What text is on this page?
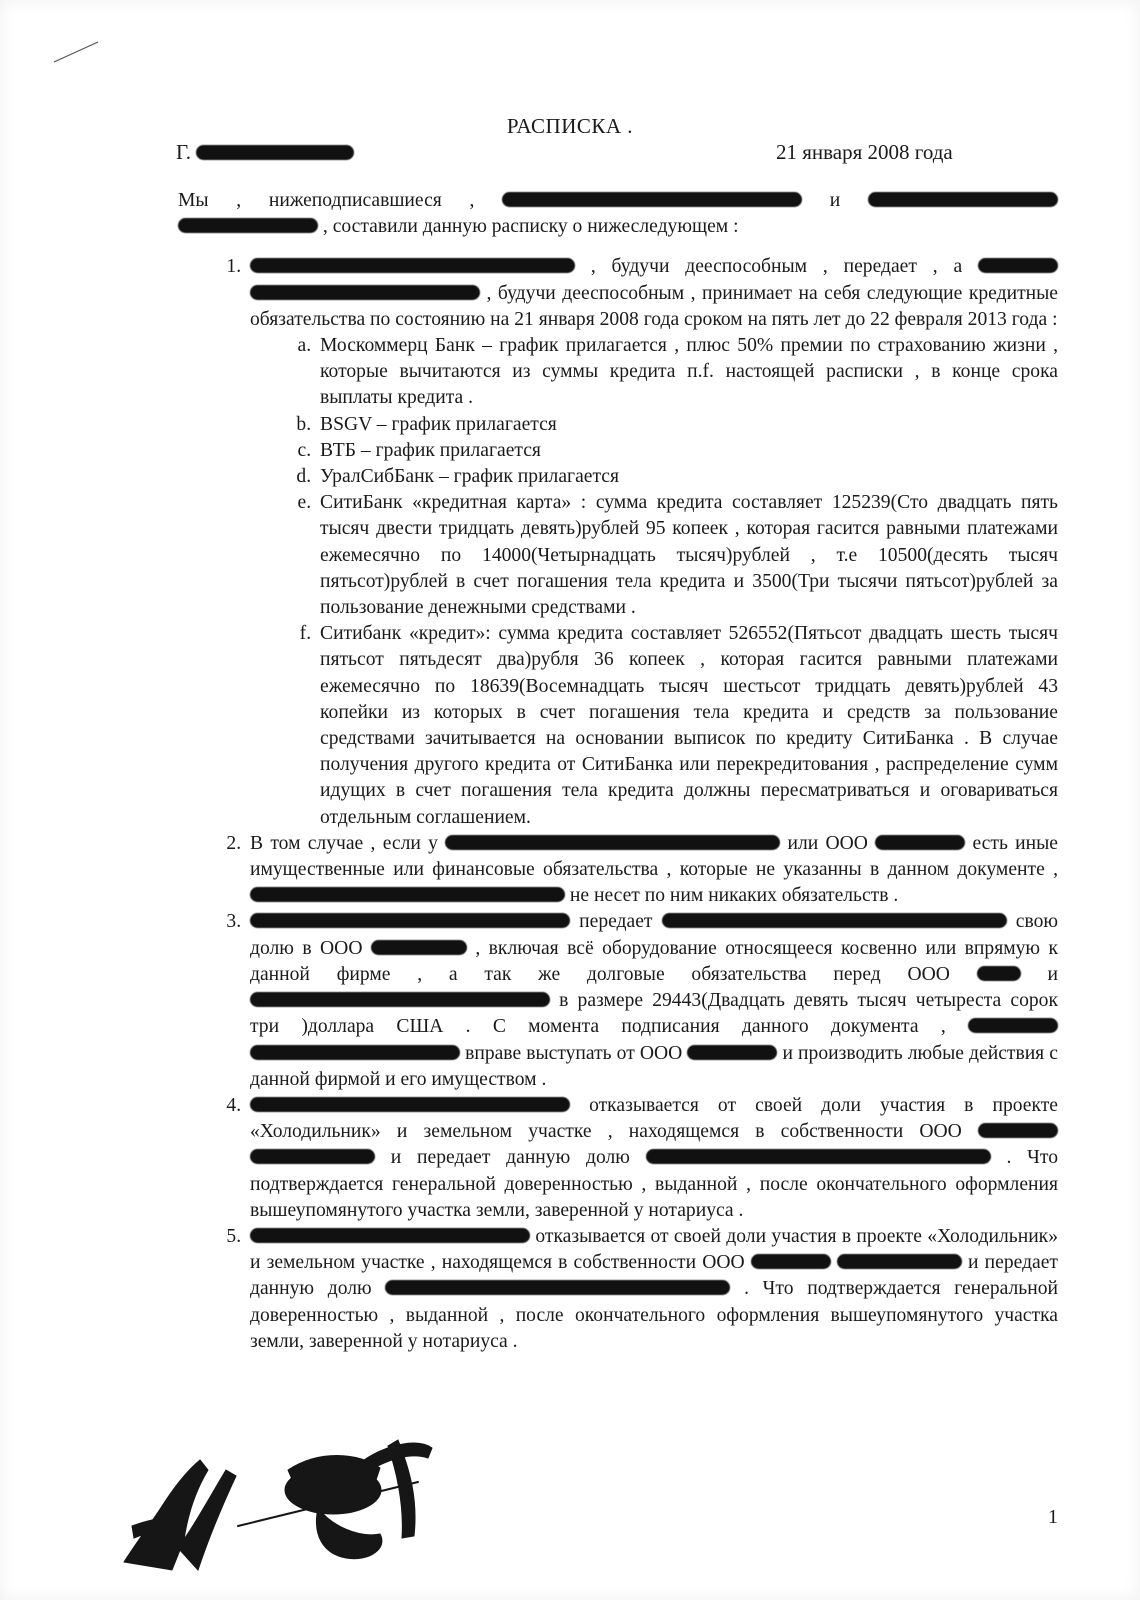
РАСПИСКА .
Г.	21 января 2008 года

Мы , нижеподписавшиеся ,	и   , составили данную расписку о нижеследующем :

1. , будучи дееспособным , передает , а   , будучи дееспособным , принимает на себя следующие кредитные обязательства по состоянию на 21 января 2008 года сроком на пять лет до 22 февраля 2013 года :
a. Москоммерц Банк – график прилагается , плюс 50% премии по страхованию жизни , которые вычитаются из суммы кредита п.f. настоящей расписки , в конце срока выплаты кредита .
b. BSGV – график прилагается
c. ВТБ – график прилагается
d. УралСибБанк – график прилагается
e. СитиБанк «кредитная карта» : сумма кредита составляет 125239(Сто двадцать пять тысяч двести тридцать девять)рублей 95 копеек , которая гасится равными платежами ежемесячно по 14000(Четырнадцать тысяч)рублей , т.е 10500(десять тысяч пятьсот)рублей в счет погашения тела кредита и 3500(Три тысячи пятьсот)рублей за пользование денежными средствами .
f. Ситибанк «кредит»: сумма кредита составляет 526552(Пятьсот двадцать шесть тысяч пятьсот пятьдесят два)рубля 36 копеек , которая гасится равными платежами ежемесячно по 18639(Восемнадцать тысяч шестьсот тридцать девять)рублей 43 копейки из которых в счет погашения тела кредита и средств за пользование средствами зачитывается на основании выписок по кредиту СитиБанка . В случае получения другого кредита от СитиБанка или перекредитования , распределение сумм идущих в счет погашения тела кредита должны пересматриваться и оговариваться отдельным соглашением.
2. В том случае , если у	или ООО	есть иные имущественные или финансовые обязательства , которые не указанны в данном документе ,  не несет по ним никаких обязательств .
3. передает	свою долю в ООО	, включая всё оборудование относящееся косвенно или впрямую к данной фирме , а так же долговые обязательства перед ООО	и  в размере 29443(Двадцать девять тысяч четыреста сорок три )доллара США . С момента подписания данного документа ,   вправе выступать от ООО	и производить любые действия с данной фирмой и его имуществом .
4. отказывается от своей доли участия в проекте «Холодильник» и земельном участке , находящемся в собственности ООО   и передает данную долю	. Что подтверждается генеральной доверенностью , выданной , после окончательного оформления вышеупомянутого участка земли, заверенной у нотариуса .
5. отказывается от своей доли участия в проекте «Холодильник» и земельном участке , находящемся в собственности ООО	и передает данную долю	. Что подтверждается генеральной доверенностью , выданной , после окончательного оформления вышеупомянутого участка земли, заверенной у нотариуса .
1
